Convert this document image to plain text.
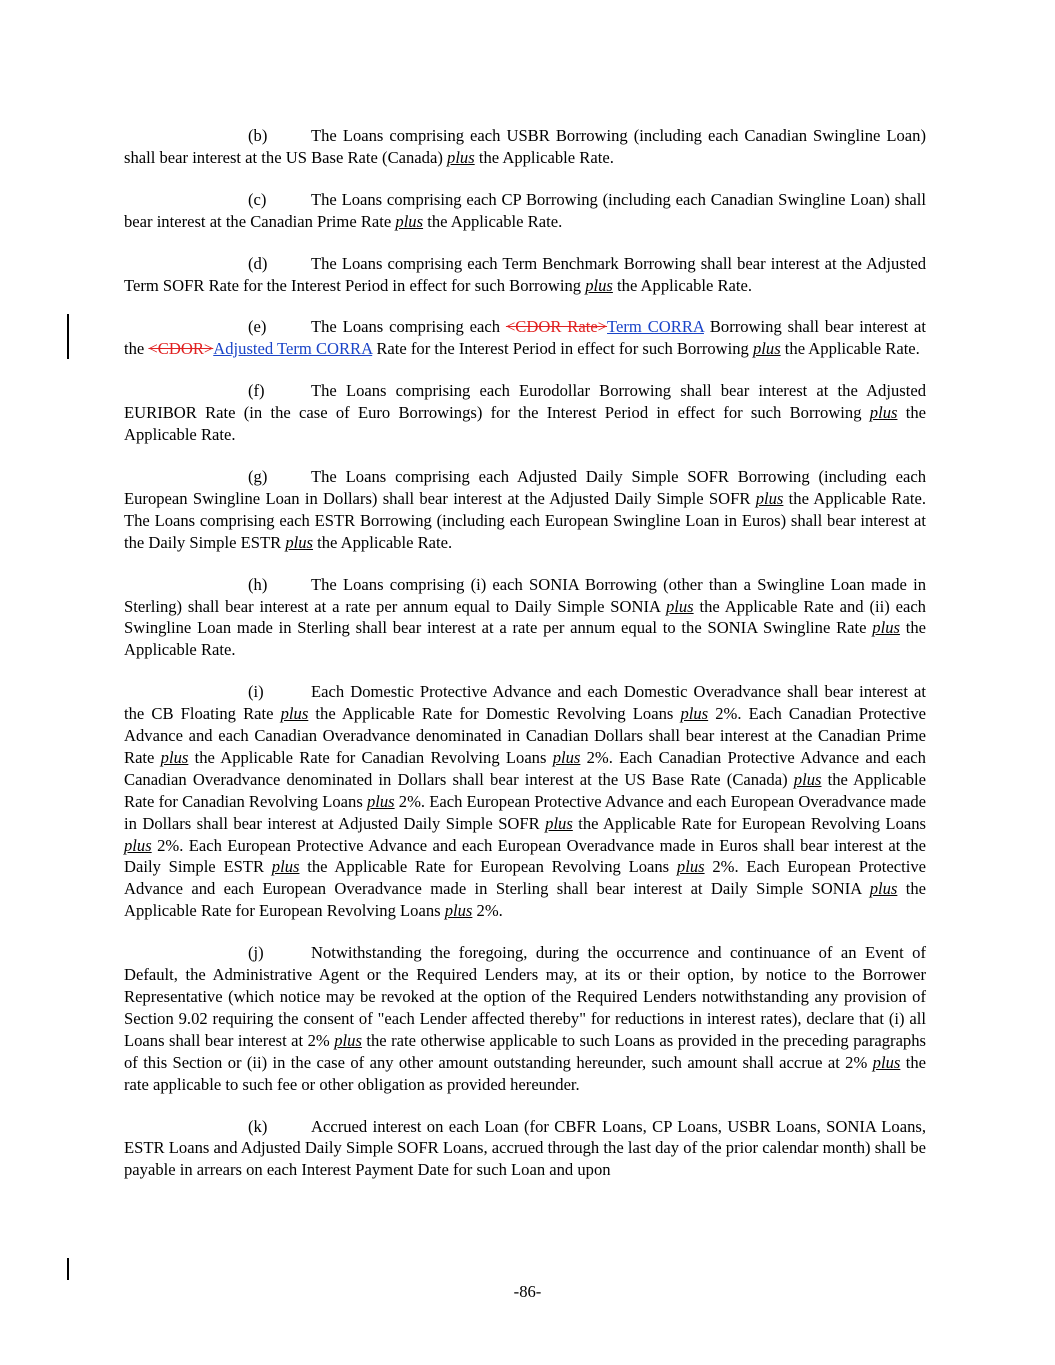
(b)	The Loans comprising each USBR Borrowing (including each Canadian Swingline Loan) shall bear interest at the US Base Rate (Canada) plus the Applicable Rate.

(c)	The Loans comprising each CP Borrowing (including each Canadian Swingline Loan) shall bear interest at the Canadian Prime Rate plus the Applicable Rate.

(d)	The Loans comprising each Term Benchmark Borrowing shall bear interest at the Adjusted Term SOFR Rate for the Interest Period in effect for such Borrowing plus the Applicable Rate.

(e)	The Loans comprising each <CDOR Rate>Term CORRA Borrowing shall bear interest at the <CDOR>Adjusted Term CORRA Rate for the Interest Period in effect for such Borrowing plus the Applicable Rate.

(f)	The Loans comprising each Eurodollar Borrowing shall bear interest at the Adjusted EURIBOR Rate (in the case of Euro Borrowings) for the Interest Period in effect for such Borrowing plus the Applicable Rate.

(g)	The Loans comprising each Adjusted Daily Simple SOFR Borrowing (including each European Swingline Loan in Dollars) shall bear interest at the Adjusted Daily Simple SOFR plus the Applicable Rate. The Loans comprising each ESTR Borrowing (including each European Swingline Loan in Euros) shall bear interest at the Daily Simple ESTR plus the Applicable Rate.

(h)	The Loans comprising (i) each SONIA Borrowing (other than a Swingline Loan made in Sterling) shall bear interest at a rate per annum equal to Daily Simple SONIA plus the Applicable Rate and (ii) each Swingline Loan made in Sterling shall bear interest at a rate per annum equal to the SONIA Swingline Rate plus the Applicable Rate.

(i)	Each Domestic Protective Advance and each Domestic Overadvance shall bear interest at the CB Floating Rate plus the Applicable Rate for Domestic Revolving Loans plus 2%. Each Canadian Protective Advance and each Canadian Overadvance denominated in Canadian Dollars shall bear interest at the Canadian Prime Rate plus the Applicable Rate for Canadian Revolving Loans plus 2%. Each Canadian Protective Advance and each Canadian Overadvance denominated in Dollars shall bear interest at the US Base Rate (Canada) plus the Applicable Rate for Canadian Revolving Loans plus 2%. Each European Protective Advance and each European Overadvance made in Dollars shall bear interest at Adjusted Daily Simple SOFR plus the Applicable Rate for European Revolving Loans plus 2%. Each European Protective Advance and each European Overadvance made in Euros shall bear interest at the Daily Simple ESTR plus the Applicable Rate for European Revolving Loans plus 2%. Each European Protective Advance and each European Overadvance made in Sterling shall bear interest at Daily Simple SONIA plus the Applicable Rate for European Revolving Loans plus 2%.

(j)	Notwithstanding the foregoing, during the occurrence and continuance of an Event of Default, the Administrative Agent or the Required Lenders may, at its or their option, by notice to the Borrower Representative (which notice may be revoked at the option of the Required Lenders notwithstanding any provision of Section 9.02 requiring the consent of "each Lender affected thereby" for reductions in interest rates), declare that (i) all Loans shall bear interest at 2% plus the rate otherwise applicable to such Loans as provided in the preceding paragraphs of this Section or (ii) in the case of any other amount outstanding hereunder, such amount shall accrue at 2% plus the rate applicable to such fee or other obligation as provided hereunder.

(k)	Accrued interest on each Loan (for CBFR Loans, CP Loans, USBR Loans, SONIA Loans, ESTR Loans and Adjusted Daily Simple SOFR Loans, accrued through the last day of the prior calendar month) shall be payable in arrears on each Interest Payment Date for such Loan and upon

-86-
